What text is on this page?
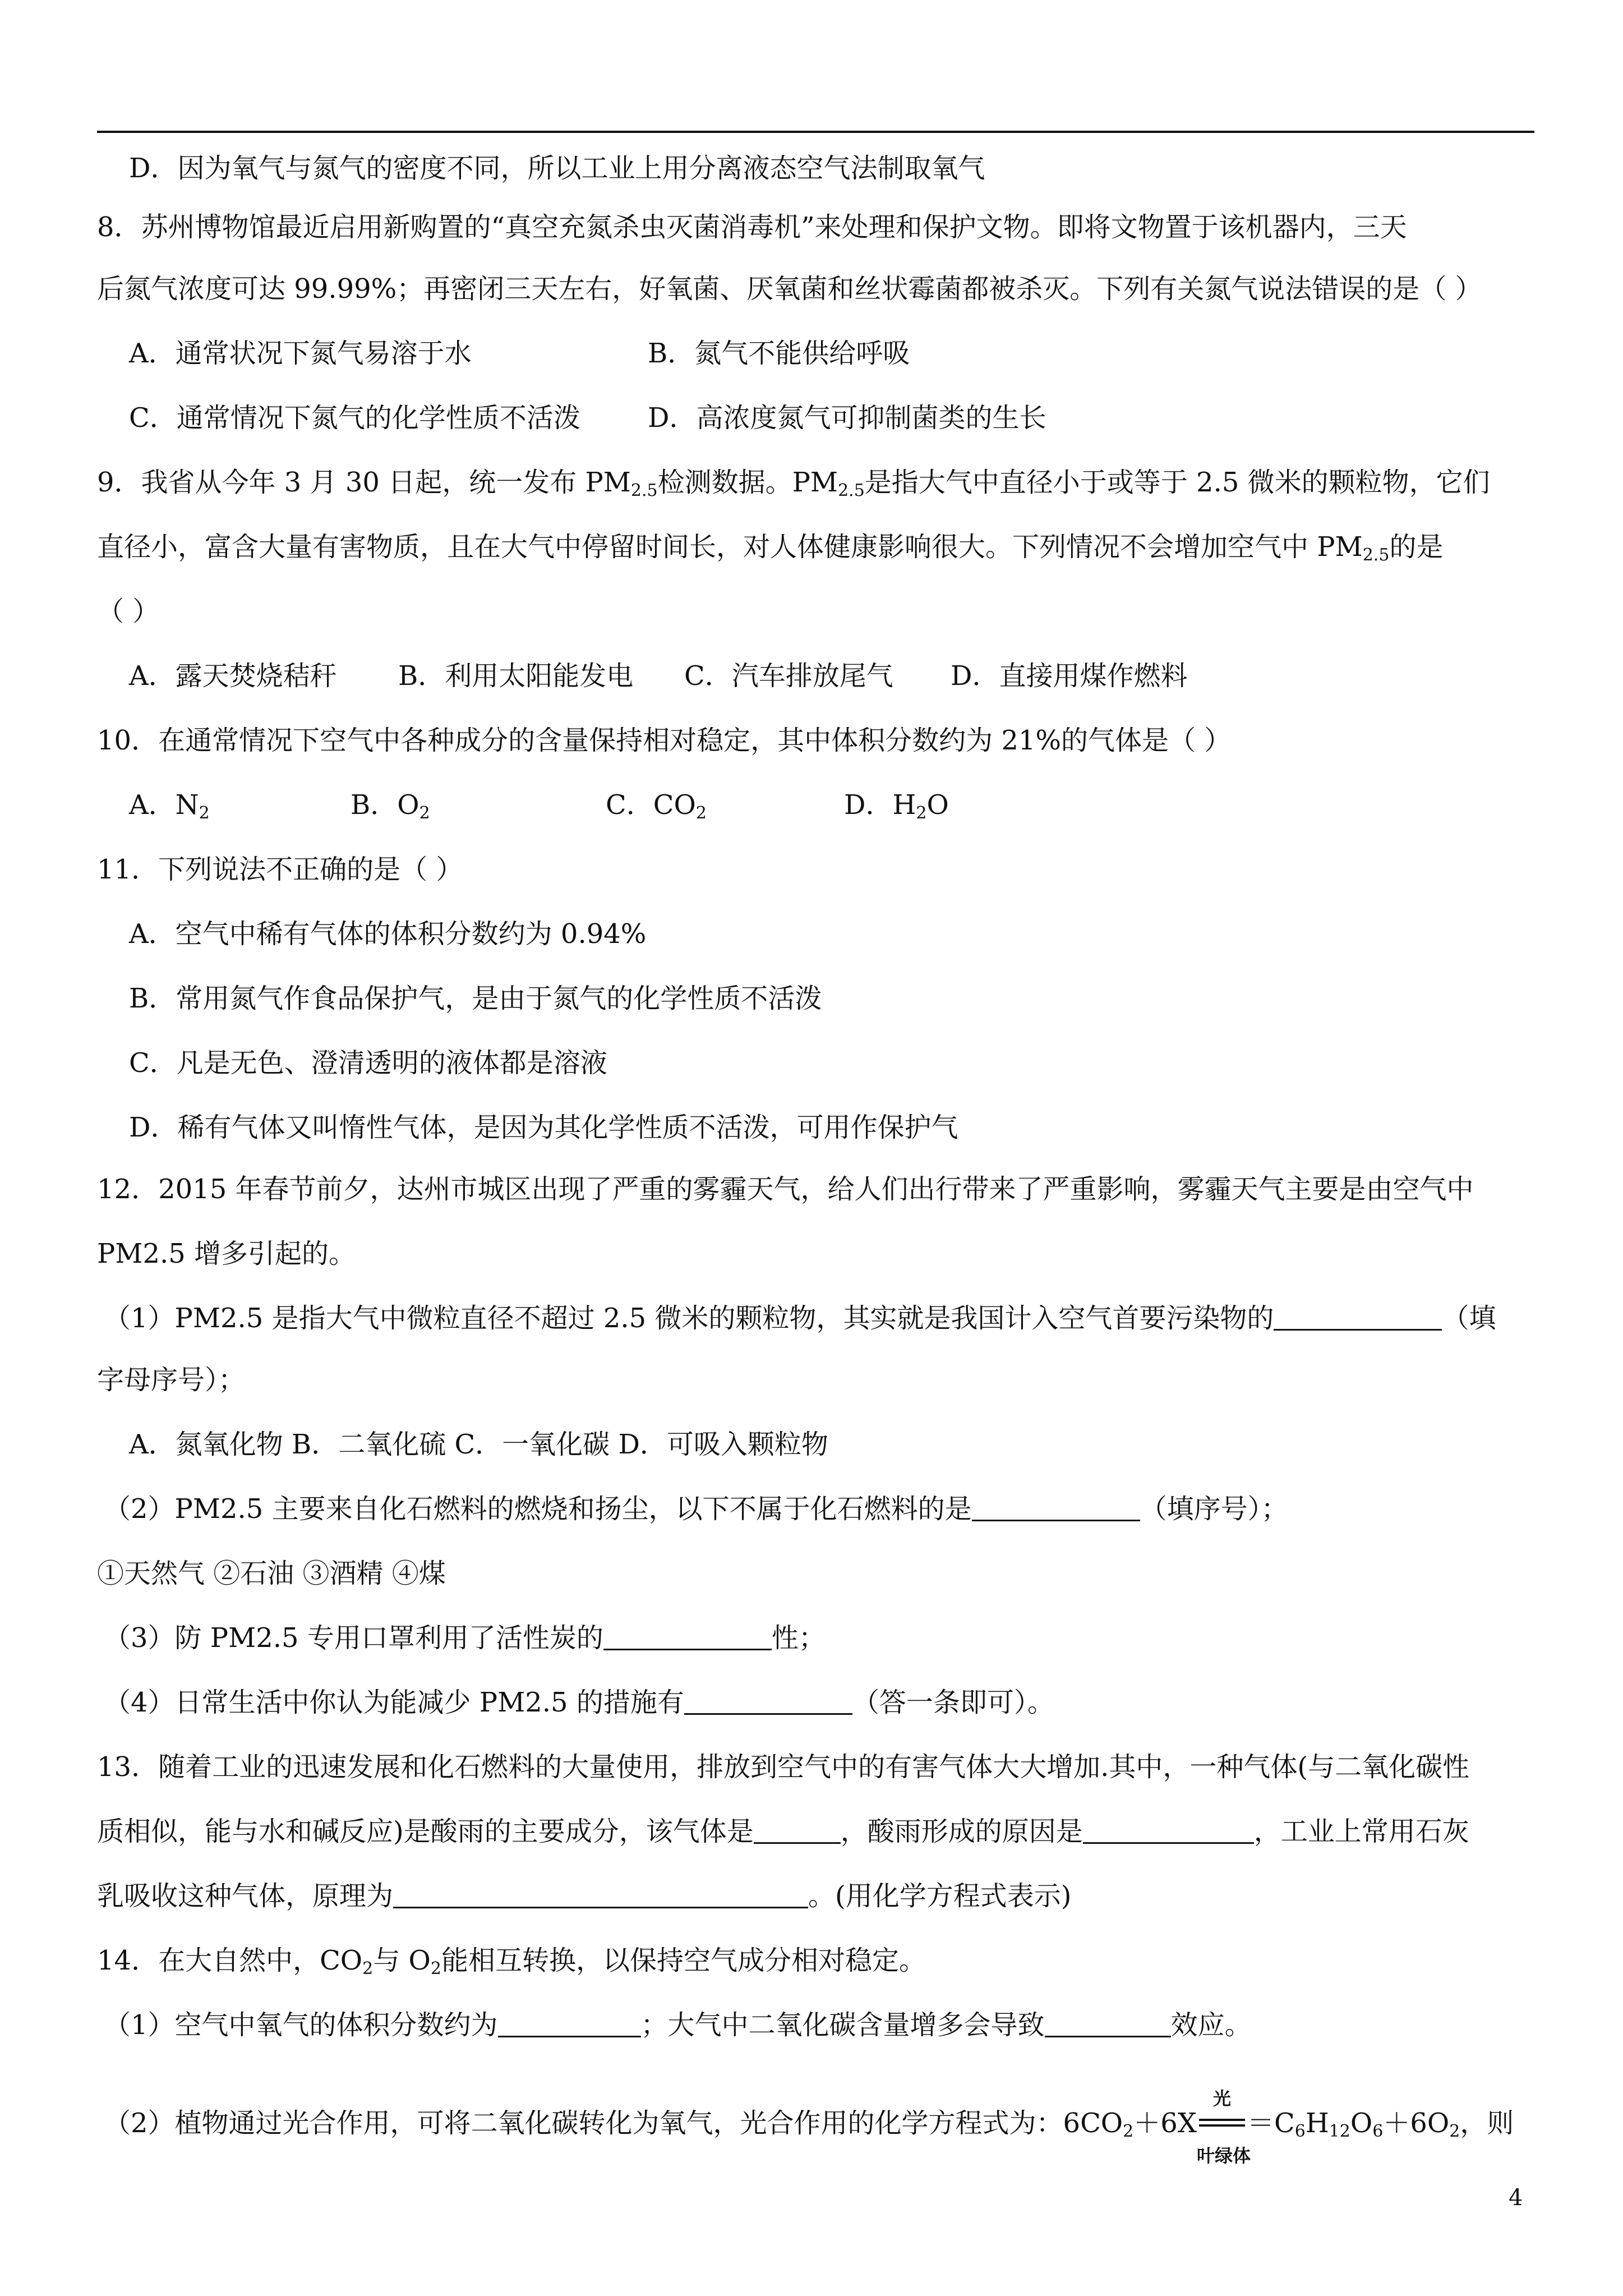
D．因为氧气与氮气的密度不同，所以工业上用分离液态空气法制取氧气
8．苏州博物馆最近启用新购置的“真空充氮杀虫灭菌消毒机”来处理和保护文物。即将文物置于该机器内，三天
后氮气浓度可达 99.99%；再密闭三天左右，好氧菌、厌氧菌和丝状霉菌都被杀灭。下列有关氮气说法错误的是（ ）
A．通常状况下氮气易溶于水	B．氮气不能供给呼吸
C．通常情况下氮气的化学性质不活泼	D．高浓度氮气可抑制菌类的生长
9．我省从今年 3 月 30 日起，统一发布 $PM_{2.5}$检测数据。$PM_{2.5}$是指大气中直径小于或等于 2.5 微米的颗粒物，它们
直径小，富含大量有害物质，且在大气中停留时间长，对人体健康影响很大。下列情况不会增加空气中 $PM_{2.5}$的是
（ ）
A．露天焚烧秸秆 B．利用太阳能发电 C．汽车排放尾气 D．直接用煤作燃料
10．在通常情况下空气中各种成分的含量保持相对稳定，其中体积分数约为 21%的气体是（ ）
A．$N_2$	B．$O_2$	C．$CO_2$	D．$H_2O$
11．下列说法不正确的是（ ）
A．空气中稀有气体的体积分数约为 0.94%
B．常用氮气作食品保护气，是由于氮气的化学性质不活泼
C．凡是无色、澄清透明的液体都是溶液
D．稀有气体又叫惰性气体，是因为其化学性质不活泼，可用作保护气
12．2015 年春节前夕，达州市城区出现了严重的雾霾天气，给人们出行带来了严重影响，雾霾天气主要是由空气中
PM2.5 增多引起的。
（1）PM2.5 是指大气中微粒直径不超过 2.5 微米的颗粒物，其实就是我国计入空气首要污染物的	（填
字母序号）；
A．氮氧化物 B．二氧化硫 C．一氧化碳 D．可吸入颗粒物
（2）PM2.5 主要来自化石燃料的燃烧和扬尘，以下不属于化石燃料的是	（填序号）；
①天然气 ②石油 ③酒精 ④煤
（3）防 PM2.5 专用口罩利用了活性炭的	性；
（4）日常生活中你认为能减少 PM2.5 的措施有	（答一条即可）。
13．随着工业的迅速发展和化石燃料的大量使用，排放到空气中的有害气体大大增加.其中，一种气体(与二氧化碳性
质相似，能与水和碱反应)是酸雨的主要成分，该气体是	，酸雨形成的原因是	，工业上常用石灰
乳吸收这种气体，原理为	。(用化学方程式表示)
14．在大自然中，$CO_2$与 $O_2$能相互转换，以保持空气成分相对稳定。
（1）空气中氧气的体积分数约为	；大气中二氧化碳含量增多会导致	效应。
（2）植物通过光合作用，可将二氧化碳转化为氧气，光合作用的化学方程式为：$6CO_2+6X \frac{\text{光}}{\text{叶绿体}} =C_6H_{12}O_6+6O_2$，则
4
